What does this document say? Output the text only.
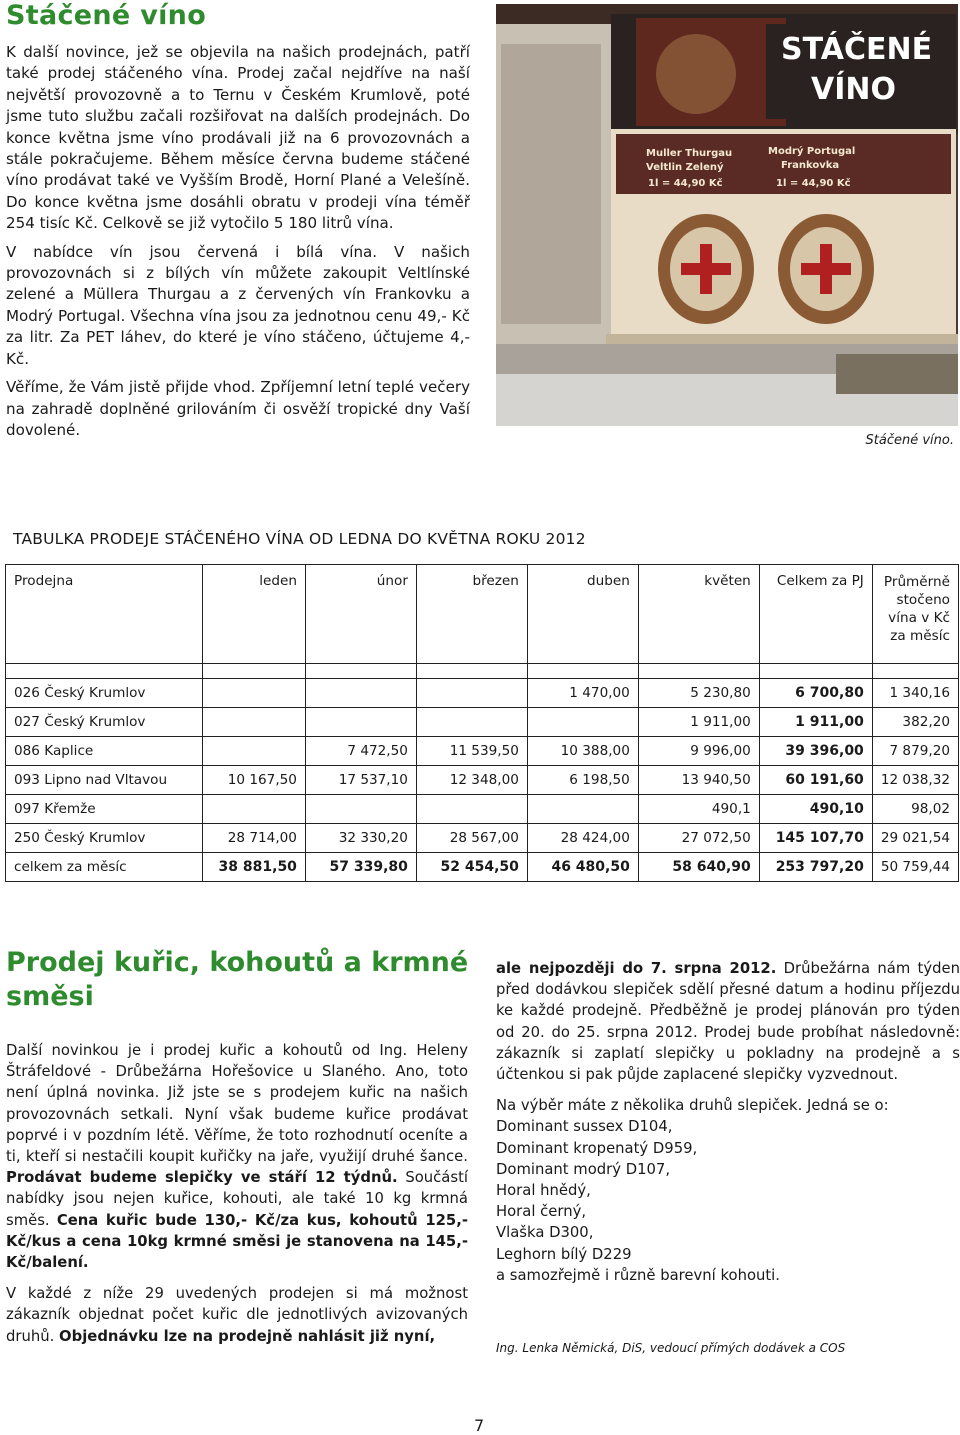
Stáčené víno

K další novince, jež se objevila na našich prodejnách, patří také prodej stáčeného vína. Prodej začal nejdříve na naší největší provozovně a to Ternu v Českém Krumlově, poté jsme tuto službu začali rozšiřovat na dalších prodejnách. Do konce května jsme víno prodávali již na 6 provozovnách a stále pokračujeme. Během měsíce června budeme stáčené víno prodávat také ve Vyšším Brodě, Horní Plané a Velešíně. Do konce května jsme dosáhli obratu v prodeji vína téměř 254 tisíc Kč. Celkově se již vytočilo 5 180 litrů vína.

V nabídce vín jsou červená i bílá vína. V našich provozovnách si z bílých vín můžete zakoupit Veltlínské zelené a Müllera Thurgau a z červených vín Frankovku a Modrý Portugal. Všechna vína jsou za jednotnou cenu 49,- Kč za litr. Za PET láhev, do které je víno stáčeno, účtujeme 4,- Kč.

Věříme, že Vám jistě přijde vhod. Zpříjemní letní teplé večery na zahradě doplněné grilováním či osvěží tropické dny Vaší dovolené.

Muller Thurgau
Veltlin Zelený
1l = 44,90 Kč
Modrý Portugal
Frankovka
1l = 44,90 Kč
STÁČENÉ
VÍNO
Stáčené víno.
TABULKA PRODEJE STÁČENÉHO VÍNA OD LEDNA DO KVĚTNA ROKU 2012
Prodejna	leden	únor	březen	duben	květen	Celkem za PJ	Průměrně
stočeno
vína v Kč
za měsíc

026 Český Krumlov				1 470,00	5 230,80	6 700,80	1 340,16
027 Český Krumlov					1 911,00	1 911,00	382,20
086 Kaplice		7 472,50	11 539,50	10 388,00	9 996,00	39 396,00	7 879,20
093 Lipno nad Vltavou	10 167,50	17 537,10	12 348,00	6 198,50	13 940,50	60 191,60	12 038,32
097 Křemže					490,1	490,10	98,02
250 Český Krumlov	28 714,00	32 330,20	28 567,00	28 424,00	27 072,50	145 107,70	29 021,54
celkem za měsíc	38 881,50	57 339,80	52 454,50	46 480,50	58 640,90	253 797,20	50 759,44
Prodej kuřic, kohoutů a krmné směsi

Další novinkou je i prodej kuřic a kohoutů od Ing. Heleny Štráfeldové - Drůbežárna Hořešovice u Slaného. Ano, toto není úplná novinka. Již jste se s prodejem kuřic na našich provozovnách setkali. Nyní však budeme kuřice prodávat poprvé i v pozdním létě. Věříme, že toto rozhodnutí oceníte a ti, kteří si nestačili koupit kuřičky na jaře, využijí druhé šance. Prodávat budeme slepičky ve stáří 12 týdnů. Součástí nabídky jsou nejen kuřice, kohouti, ale také 10 kg krmná směs. Cena kuřic bude 130,- Kč/za kus, kohoutů 125,- Kč/kus a cena 10kg krmné směsi je stanovena na 145,- Kč/balení.

V každé z níže 29 uvedených prodejen si má možnost zákazník objednat počet kuřic dle jednotlivých avizovaných druhů. Objednávku lze na prodejně nahlásit již nyní,

ale nejpozději do 7. srpna 2012. Drůbežárna nám týden před dodávkou slepiček sdělí přesné datum a hodinu příjezdu ke každé prodejně. Předběžně je prodej plánován pro týden od 20. do 25. srpna 2012. Prodej bude probíhat následovně: zákazník si zaplatí slepičky u pokladny na prodejně a s účtenkou si pak půjde zaplacené slepičky vyzvednout.

Na výběr máte z několika druhů slepiček. Jedná se o:

Dominant sussex D104,
Dominant kropenatý D959,
Dominant modrý D107,
Horal hnědý,
Horal černý,
Vlaška D300,
Leghorn bílý D229
a samozřejmě i různě barevní kohouti.
Ing. Lenka Němická, DiS, vedoucí přímých dodávek a COS
7
